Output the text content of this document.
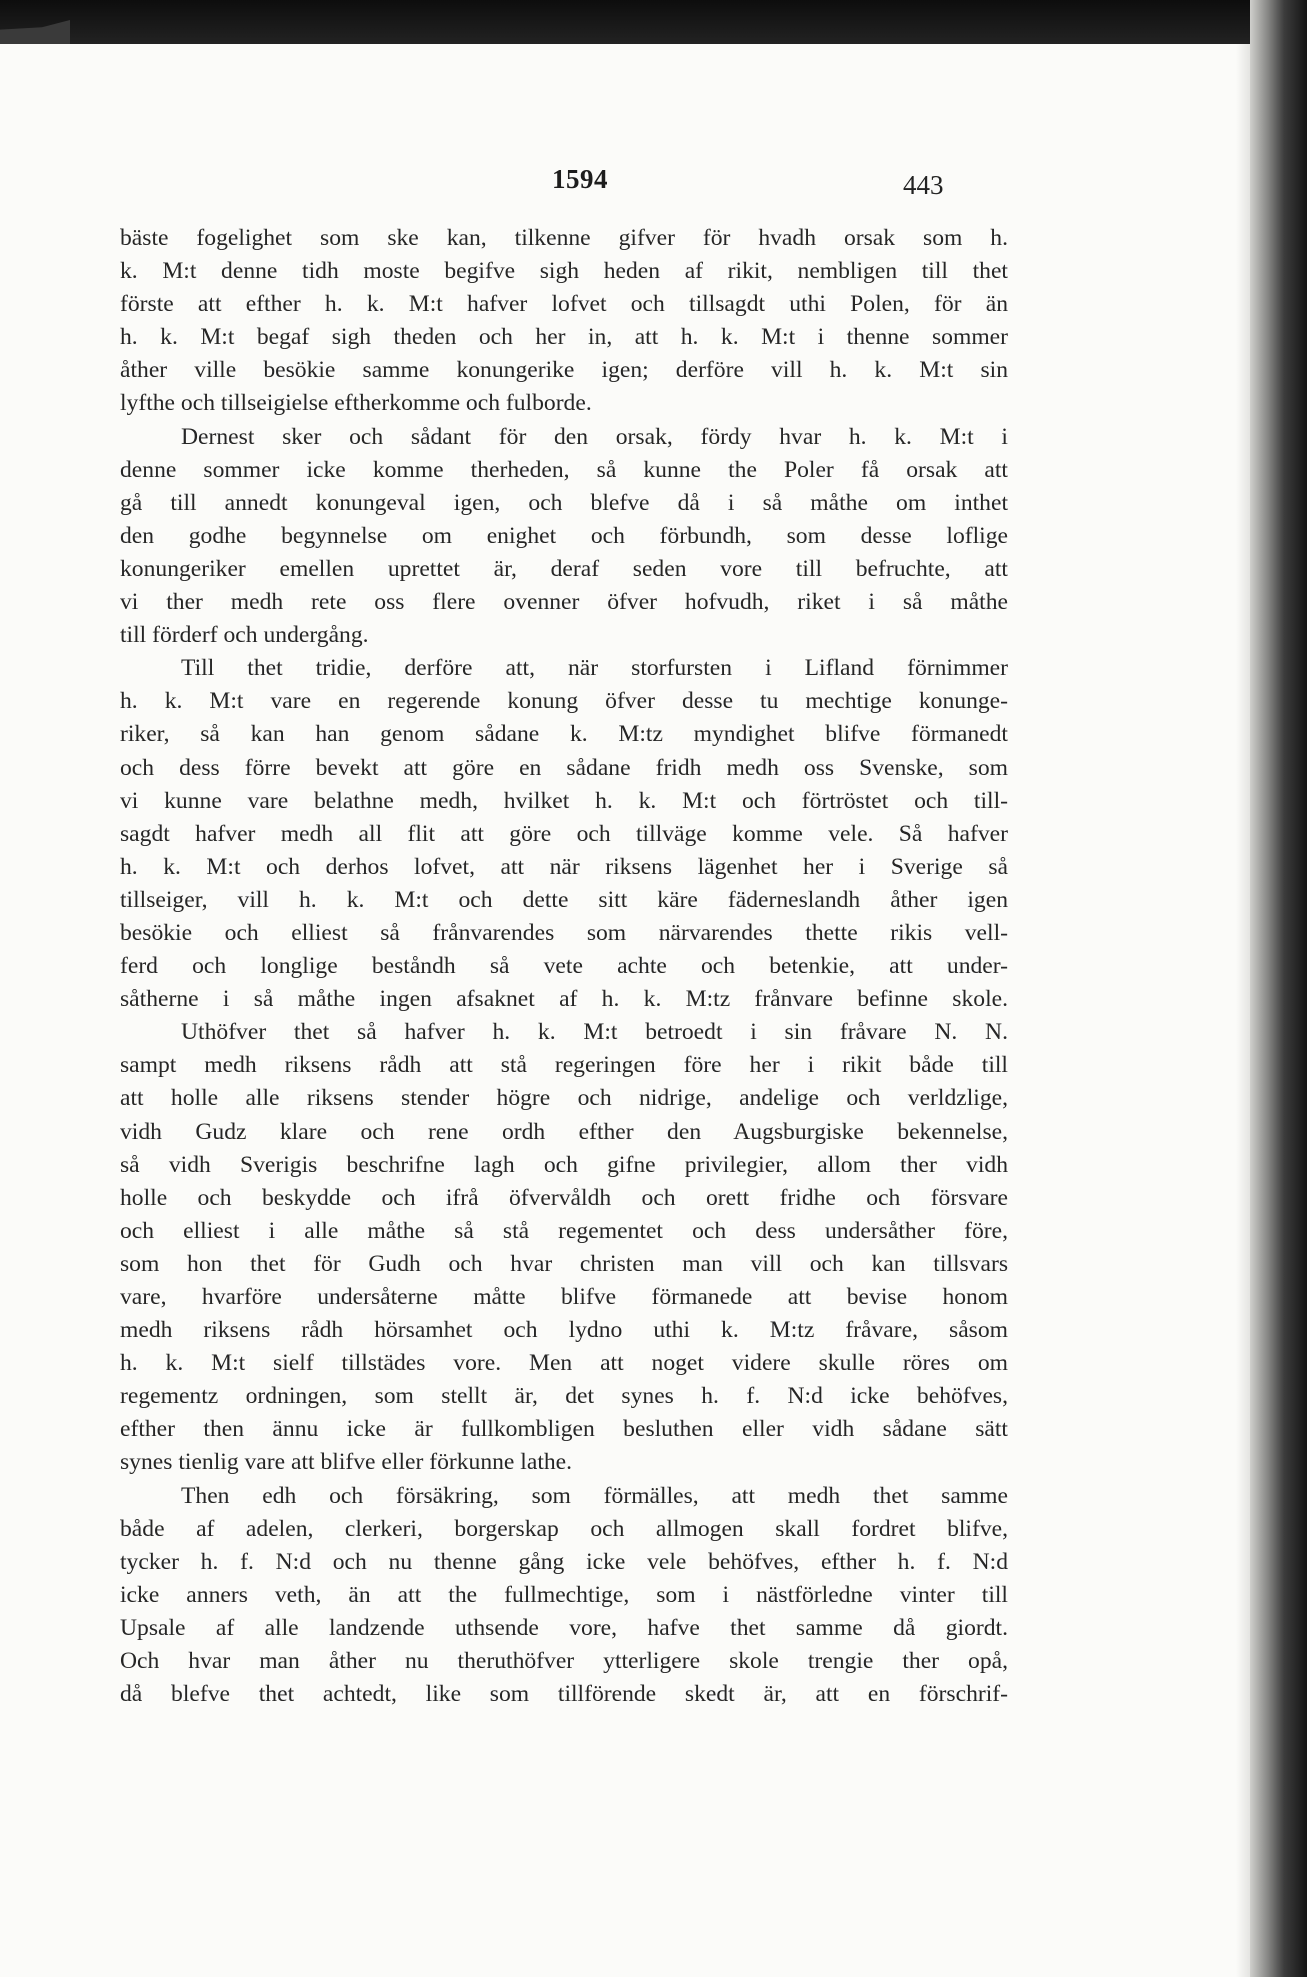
1594	443
bäste fogelighet som ske kan, tilkenne gifver för hvadh orsak som h.
k. M:t denne tidh moste begifve sigh heden af rikit, nembligen till thet
förste att efther h. k. M:t hafver lofvet och tillsagdt uthi Polen, för än
h. k. M:t begaf sigh theden och her in, att h. k. M:t i thenne sommer
åther ville besökie samme konungerike igen; derföre vill h. k. M:t sin
lyfthe och tillseigielse eftherkomme och fulborde.
Dernest sker och sådant för den orsak, fördy hvar h. k. M:t i
denne sommer icke komme therheden, så kunne the Poler få orsak att
gå till annedt konungeval igen, och blefve då i så måthe om inthet
den godhe begynnelse om enighet och förbundh, som desse loflige
konungeriker emellen uprettet är, deraf seden vore till befruchte, att
vi ther medh rete oss flere ovenner öfver hofvudh, riket i så måthe
till förderf och undergång.
Till thet tridie, derföre att, när storfursten i Lifland förnimmer
h. k. M:t vare en regerende konung öfver desse tu mechtige konunge-
riker, så kan han genom sådane k. M:tz myndighet blifve förmanedt
och dess förre bevekt att göre en sådane fridh medh oss Svenske, som
vi kunne vare belathne medh, hvilket h. k. M:t och förtröstet och till-
sagdt hafver medh all flit att göre och tillväge komme vele. Så hafver
h. k. M:t och derhos lofvet, att när riksens lägenhet her i Sverige så
tillseiger, vill h. k. M:t och dette sitt käre fäderneslandh åther igen
besökie och elliest så frånvarendes som närvarendes thette rikis vell-
ferd och longlige beståndh så vete achte och betenkie, att under-
såtherne i så måthe ingen afsaknet af h. k. M:tz frånvare befinne skole.
Uthöfver thet så hafver h. k. M:t betroedt i sin fråvare N. N.
sampt medh riksens rådh att stå regeringen före her i rikit både till
att holle alle riksens stender högre och nidrige, andelige och verldzlige,
vidh Gudz klare och rene ordh efther den Augsburgiske bekennelse,
så vidh Sverigis beschrifne lagh och gifne privilegier, allom ther vidh
holle och beskydde och ifrå öfvervåldh och orett fridhe och försvare
och elliest i alle måthe så stå regementet och dess undersåther före,
som hon thet för Gudh och hvar christen man vill och kan tillsvars
vare, hvarföre undersåterne måtte blifve förmanede att bevise honom
medh riksens rådh hörsamhet och lydno uthi k. M:tz fråvare, såsom
h. k. M:t sielf tillstädes vore. Men att noget videre skulle röres om
regementz ordningen, som stellt är, det synes h. f. N:d icke behöfves,
efther then ännu icke är fullkombligen besluthen eller vidh sådane sätt
synes tienlig vare att blifve eller förkunne lathe.
Then edh och försäkring, som förmälles, att medh thet samme
både af adelen, clerkeri, borgerskap och allmogen skall fordret blifve,
tycker h. f. N:d och nu thenne gång icke vele behöfves, efther h. f. N:d
icke anners veth, än att the fullmechtige, som i nästförledne vinter till
Upsale af alle landzende uthsende vore, hafve thet samme då giordt.
Och hvar man åther nu theruthöfver ytterligere skole trengie ther opå,
då blefve thet achtedt, like som tillförende skedt är, att en förschrif-
